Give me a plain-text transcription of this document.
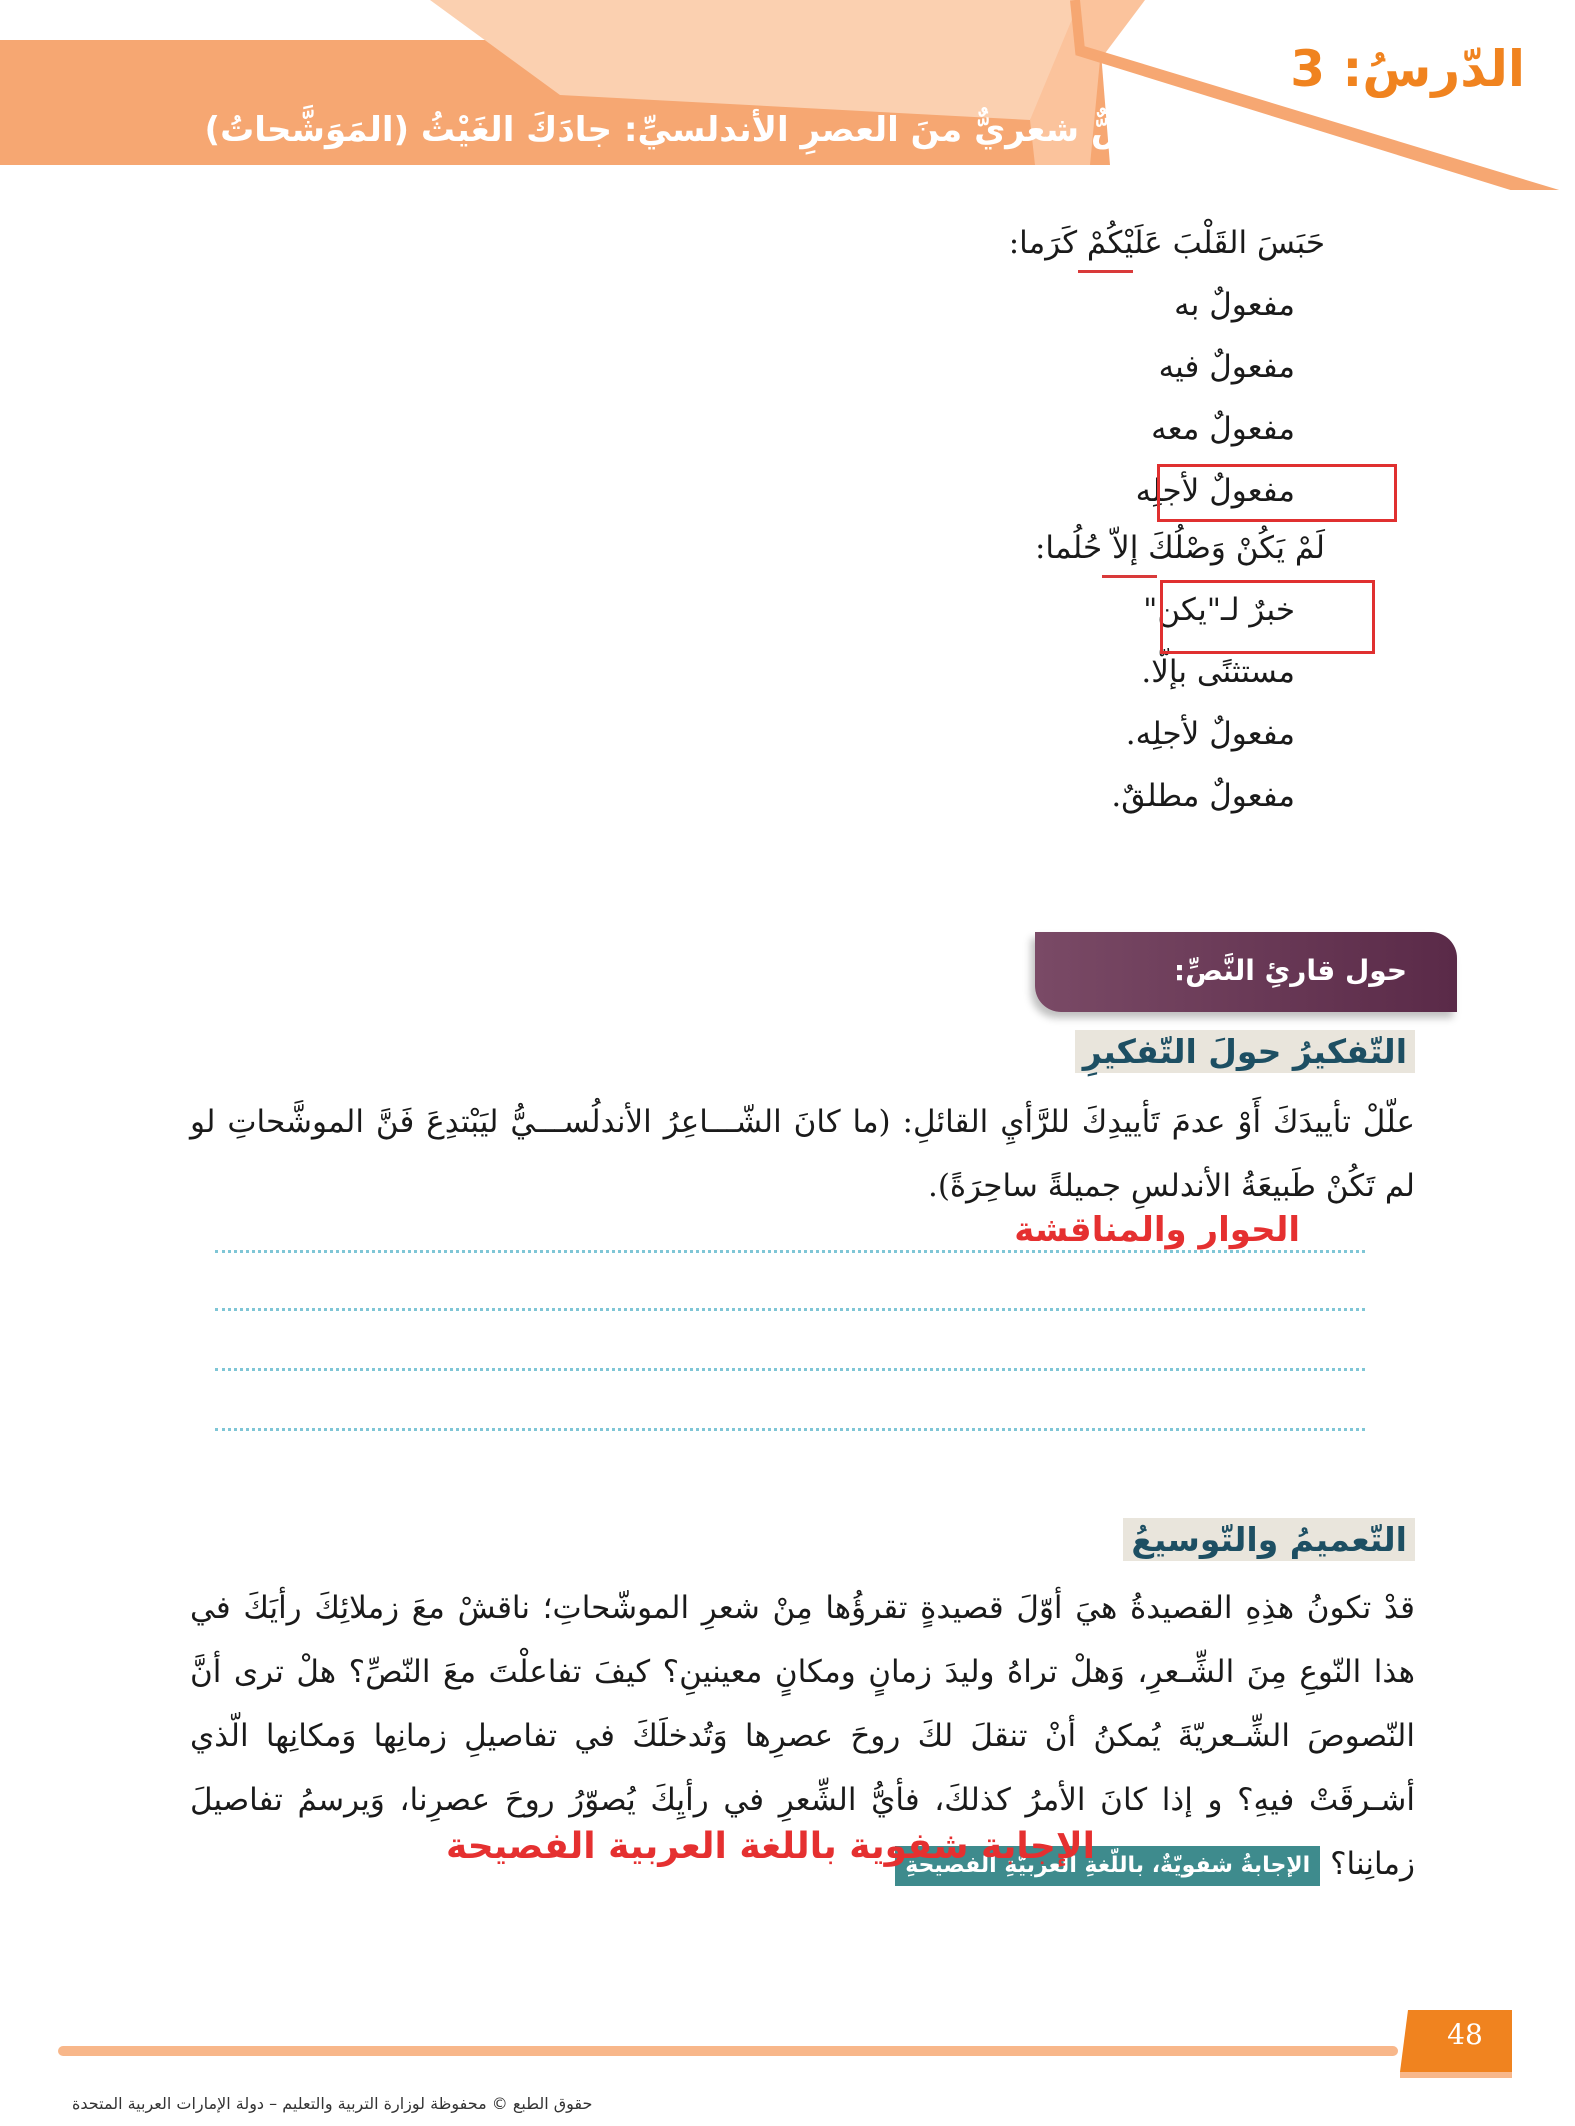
الدّرسُ: 3
نصٌّ شعريٌّ منَ العصرِ الأندلسيِّ: جادَكَ الغَيْثُ (المَوَشَّحاتُ)
حَبَسَ القَلْبَ عَلَيْكُمْ كَرَما:
مفعولٌ به
مفعولٌ فيه
مفعولٌ معه
مفعولٌ لأجلِه
لَمْ يَكُنْ وَصْلُكَ إلاّ حُلُما:
خبرٌ لـ"يكن"
مستثنًى بإلّا.
مفعولٌ لأجلِه.
مفعولٌ مطلقٌ.
حول قارئِ النَّصِّ:
التّفكيرُ حولَ التّفكيرِ
علّلْ تأييدَكَ أَوْ عدمَ تَأييدِكَ للرَّأيِ القائلِ: (ما كانَ الشّـــاعِرُ الأندلُســـيُّ ليَبْتدِعَ فَنَّ الموشَّحاتِ لو لم تَكُنْ طَبيعَةُ الأندلسِ جميلةً ساحِرَةً).
الحوار والمناقشة
التّعميمُ والتّوسيعُ
قدْ تكونُ هذِهِ القصيدةُ هيَ أوّلَ قصيدةٍ تقرؤُها مِنْ شعرِ الموشّحاتِ؛ ناقشْ معَ زملائِكَ رأيَكَ في هذا النّوعِ مِنَ الشِّـعرِ، وَهلْ تراهُ وليدَ زمانٍ ومكانٍ معينينِ؟ كيفَ تفاعلْتَ معَ النّصِّ؟ هلْ ترى أنَّ النّصوصَ الشِّـعريّةَ يُمكنُ أنْ تنقلَ لكَ روحَ عصرِها وَتُدخلَكَ في تفاصيلِ زمانِها وَمكانِها الّذي أشـرقَتْ فيهِ؟ و إذا كانَ الأمرُ كذلكَ، فأيُّ الشِّعرِ في رأيِكَ يُصوّرُ روحَ عصرِنا، وَيرسمُ تفاصيلَ زمانِنا؟ الإجابةُ شفويّةٌ، باللّغةِ العربيّةِ الفصيحةِ
الإجابة شفوية باللغة العربية الفصيحة
48
حقوق الطبع © محفوظة لوزارة التربية والتعليم – دولة الإمارات العربية المتحدة
